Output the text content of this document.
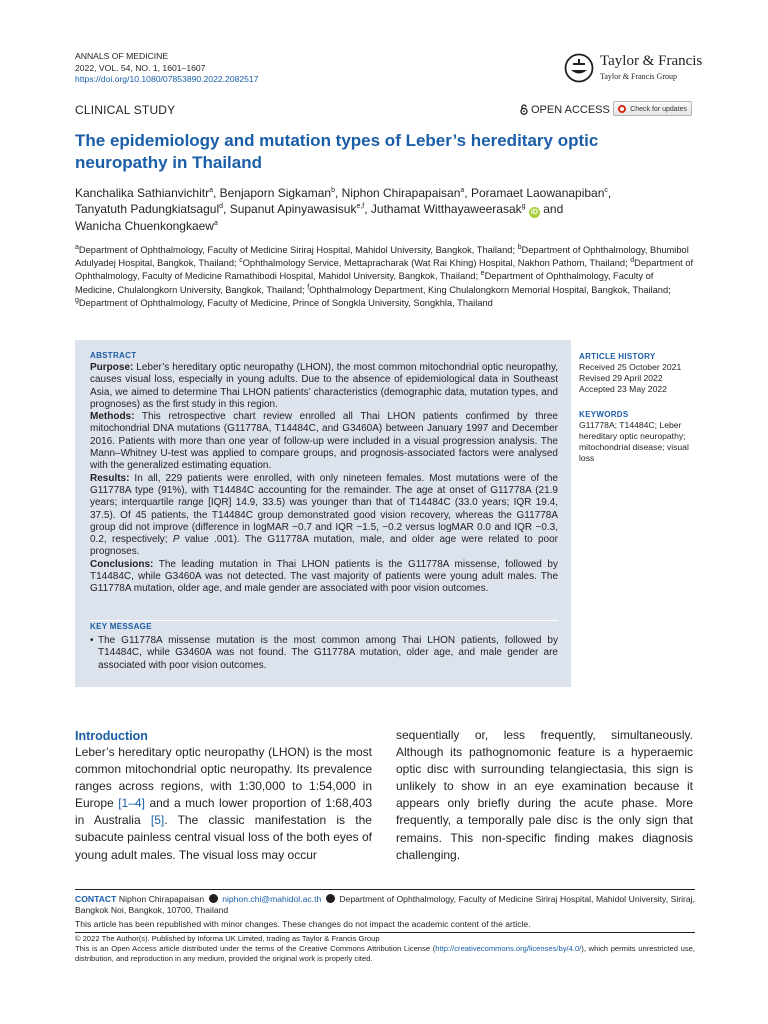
ANNALS OF MEDICINE
2022, VOL. 54, NO. 1, 1601–1607
https://doi.org/10.1080/07853890.2022.2082517
Taylor & Francis
Taylor & Francis Group
CLINICAL STUDY	OPEN ACCESS	Check for updates
The epidemiology and mutation types of Leber’s hereditary optic neuropathy in Thailand
Kanchalika Sathianvichitr$^a$, Benjaporn Sigkaman$^b$, Niphon Chirapapaisan$^a$, Poramaet Laowanapiban$^c$,
Tanyatuth Padungkiatsagul$^d$, Supanut Apinyawasisuk$^{e,f}$, Juthamat Witthayaweerasak$^g$ iD and
Wanicha Chuenkongkaew$^a$
$^a$Department of Ophthalmology, Faculty of Medicine Siriraj Hospital, Mahidol University, Bangkok, Thailand; $^b$Department of Ophthalmology, Bhumibol Adulyadej Hospital, Bangkok, Thailand; $^c$Ophthalmology Service, Mettapracharak (Wat Rai Khing) Hospital, Nakhon Pathom, Thailand; $^d$Department of Ophthalmology, Faculty of Medicine Ramathibodi Hospital, Mahidol University, Bangkok, Thailand; $^e$Department of Ophthalmology, Faculty of Medicine, Chulalongkorn University, Bangkok, Thailand; $^f$Ophthalmology Department, King Chulalongkorn Memorial Hospital, Bangkok, Thailand; $^g$Department of Ophthalmology, Faculty of Medicine, Prince of Songkla University, Songkhla, Thailand
ABSTRACT

Purpose: Leber’s hereditary optic neuropathy (LHON), the most common mitochondrial optic neuropathy, causes visual loss, especially in young adults. Due to the absence of epidemiological data in Southeast Asia, we aimed to determine Thai LHON patients’ characteristics (demographic data, mutation types, and prognoses) as the first study in this region.

Methods: This retrospective chart review enrolled all Thai LHON patients confirmed by three mitochondrial DNA mutations (G11778A, T14484C, and G3460A) between January 1997 and December 2016. Patients with more than one year of follow-up were included in a visual progression analysis. The Mann–Whitney U-test was applied to compare groups, and prognosis-associated factors were analysed with the generalized estimating equation.

Results: In all, 229 patients were enrolled, with only nineteen females. Most mutations were of the G11778A type (91%), with T14484C accounting for the remainder. The age at onset of G11778A (21.9 years; interquartile range [IQR] 14.9, 33.5) was younger than that of T14484C (33.0 years; IQR 19.4, 37.5). Of 45 patients, the T14484C group demonstrated good vision recovery, whereas the G11778A group did not improve (difference in logMAR −0.7 and IQR −1.5, −0.2 versus logMAR 0.0 and IQR −0.3, 0.2, respectively; P value .001). The G11778A mutation, male, and older age were related to poor prognoses.

Conclusions: The leading mutation in Thai LHON patients is the G11778A missense, followed by T14484C, while G3460A was not detected. The vast majority of patients were young adult males. The G11778A mutation, older age, and male gender are associated with poor vision outcomes.

KEY MESSAGE
• The G11778A missense mutation is the most common among Thai LHON patients, followed by T14484C, while G3460A was not found. The G11778A mutation, older age, and male gender are associated with poor vision outcomes.
ARTICLE HISTORY
Received 25 October 2021
Revised 29 April 2022
Accepted 23 May 2022
KEYWORDS
G11778A; T14484C; Leber hereditary optic neuropathy; mitochondrial disease; visual loss
Introduction
Leber’s hereditary optic neuropathy (LHON) is the most common mitochondrial optic neuropathy. Its prevalence ranges across regions, with 1:30,000 to 1:54,000 in Europe [1–4] and a much lower proportion of 1:68,403 in Australia [5]. The classic manifestation is the subacute painless central visual loss of the both eyes of young adult males. The visual loss may occur
sequentially or, less frequently, simultaneously. Although its pathognomonic feature is a hyperaemic optic disc with surrounding telangiectasia, this sign is unlikely to show in an eye examination because it appears only briefly during the acute phase. More frequently, a temporally pale disc is the only sign that remains. This non-specific finding makes diagnosis challenging.
CONTACT Niphon Chirapapaisan  niphon.chi@mahidol.ac.th  Department of Ophthalmology, Faculty of Medicine Siriraj Hospital, Mahidol University, Siriraj, Bangkok Noi, Bangkok, 10700, Thailand
This article has been republished with minor changes. These changes do not impact the academic content of the article.
© 2022 The Author(s). Published by Informa UK Limited, trading as Taylor & Francis Group
This is an Open Access article distributed under the terms of the Creative Commons Attribution License (http://creativecommons.org/licenses/by/4.0/), which permits unrestricted use, distribution, and reproduction in any medium, provided the original work is properly cited.
